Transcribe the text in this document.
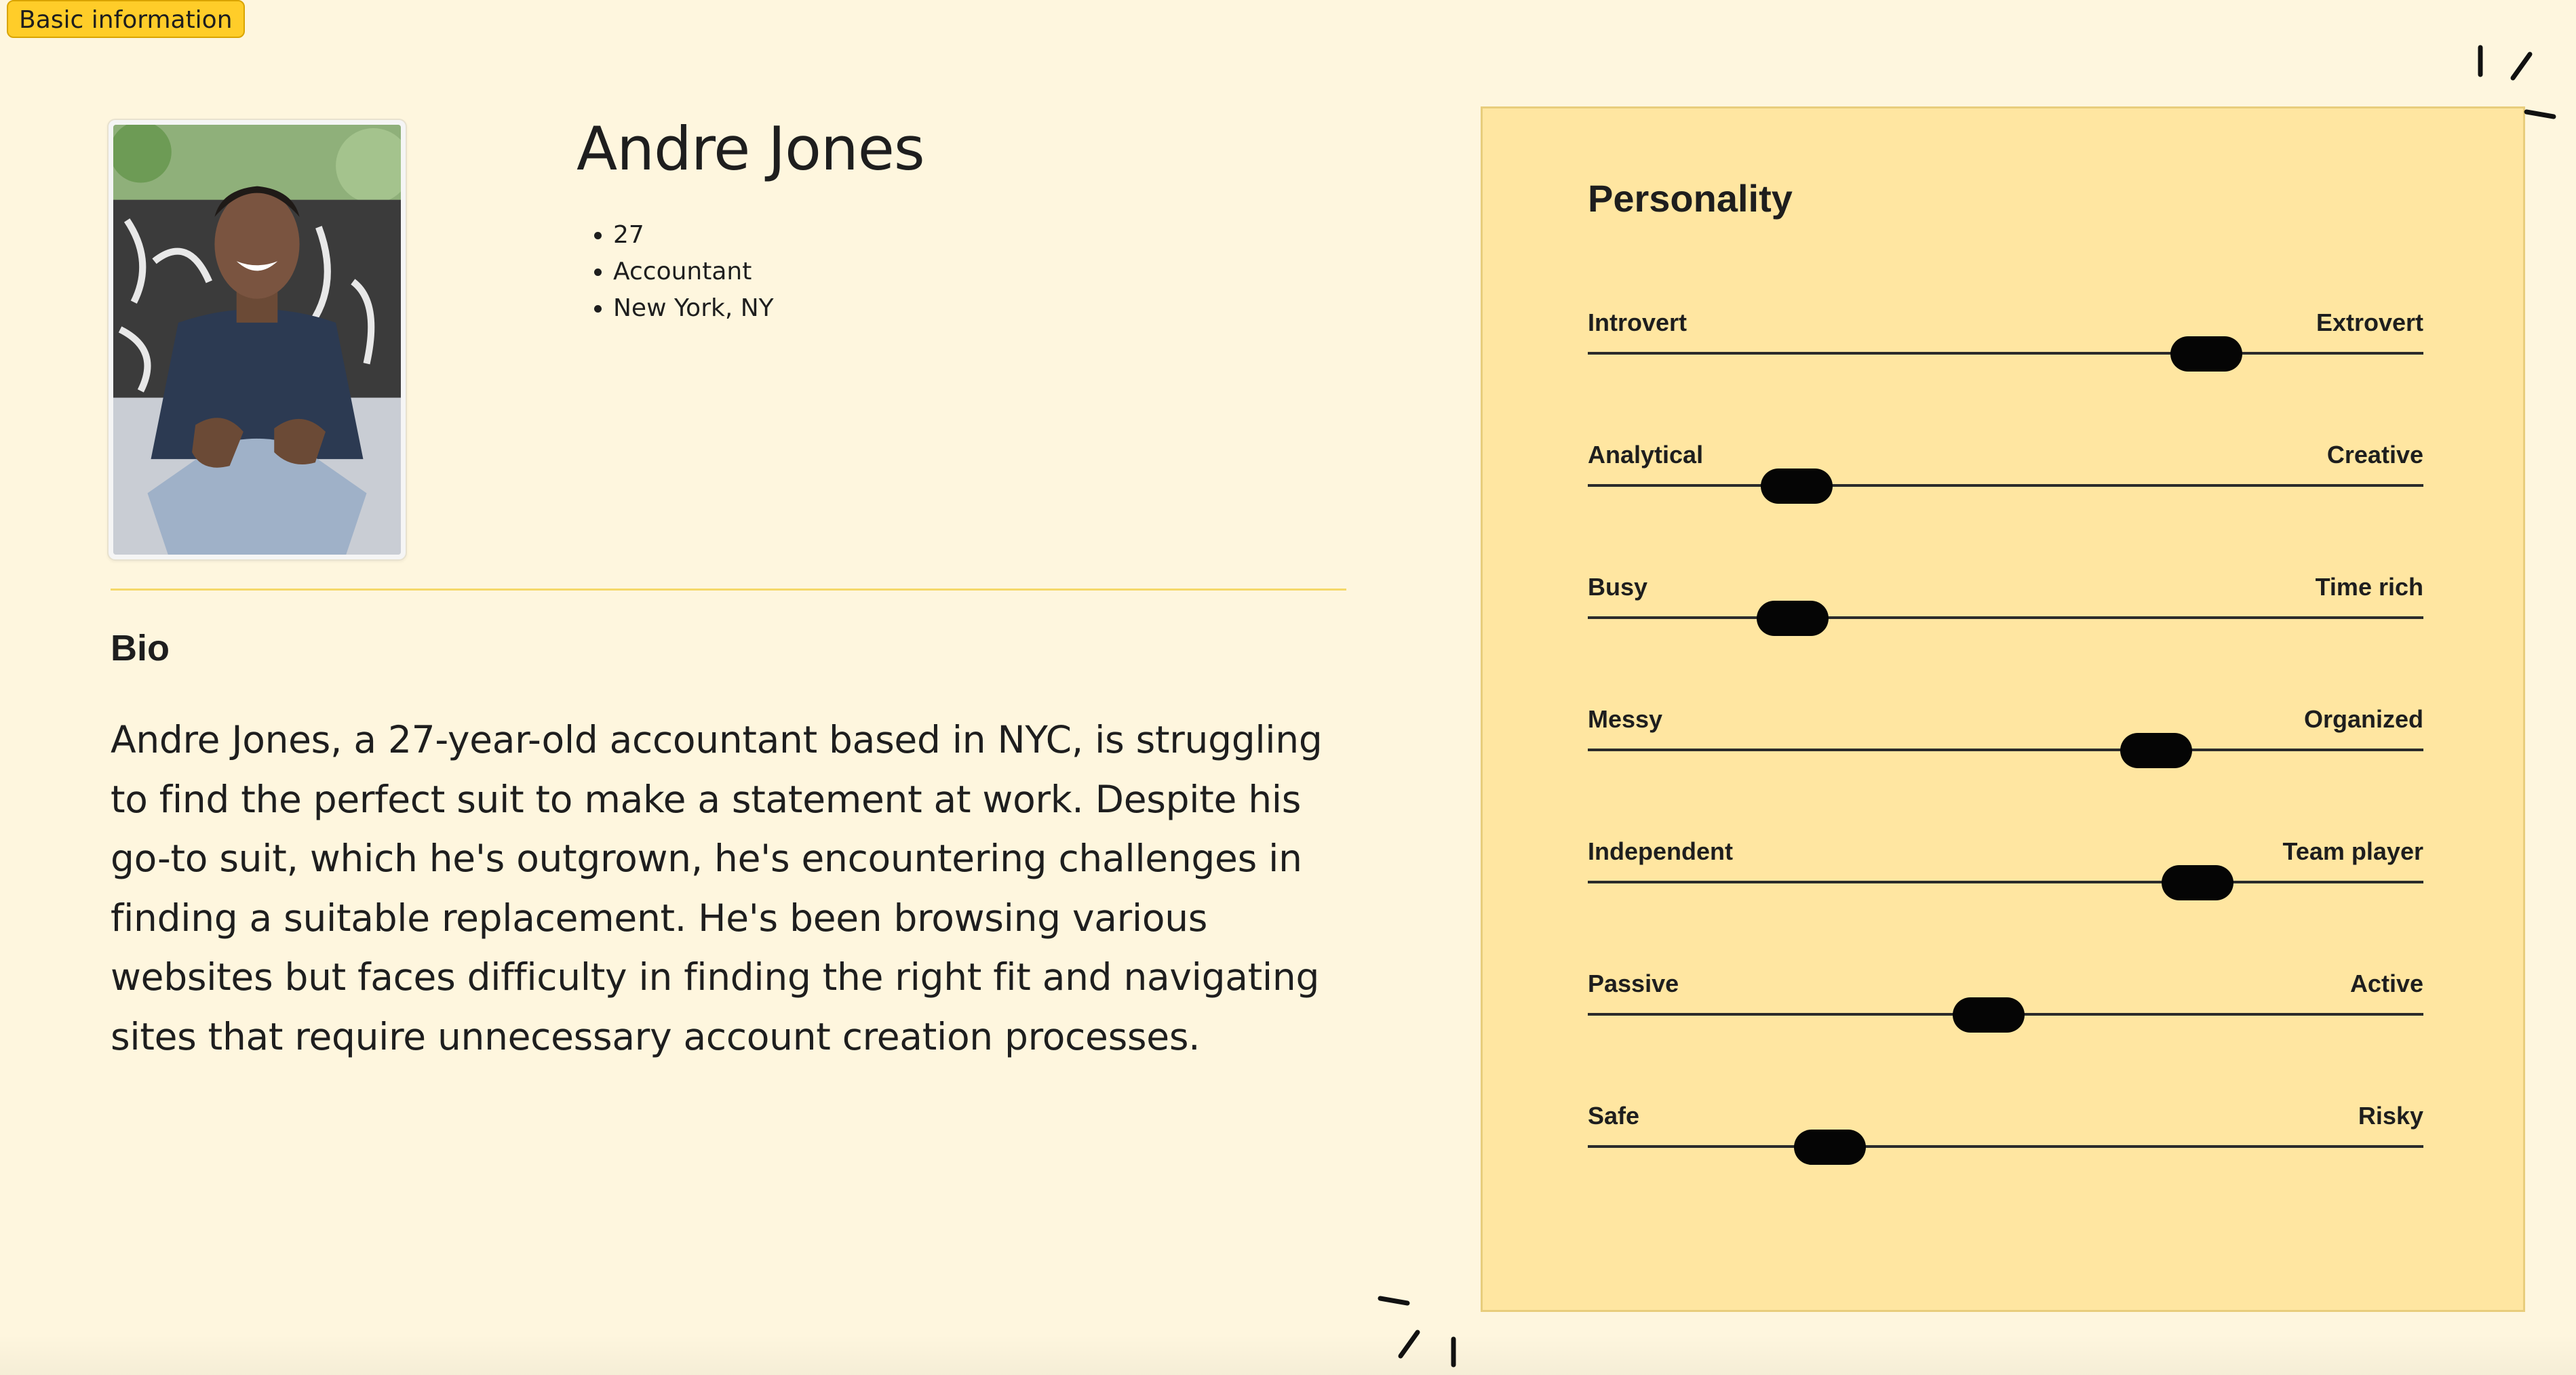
Basic information
Andre Jones
• 27
• Accountant
• New York, NY
Bio

Andre Jones, a 27-year-old accountant based in NYC, is struggling to find the perfect suit to make a statement at work. Despite his go-to suit, which he's outgrown, he's encountering challenges in finding a suitable replacement. He's been browsing various websites but faces difficulty in finding the right fit and navigating sites that require unnecessary account creation processes.

Personality
Introvert	Extrovert
Analytical	Creative
Busy	Time rich
Messy	Organized
Independent	Team player
Passive	Active
Safe	Risky
